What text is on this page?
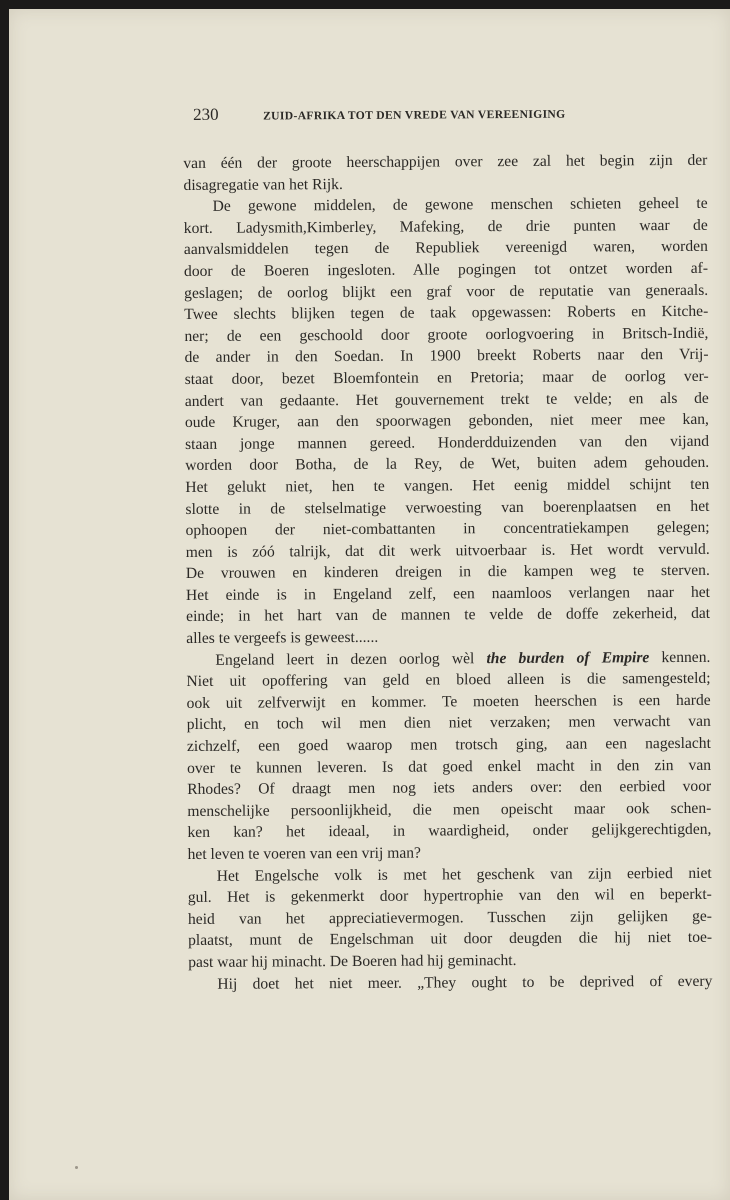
230	ZUID-AFRIKA TOT DEN VREDE VAN VEREENIGING
van één der groote heerschappijen over zee zal het begin zijn der
disagregatie van het Rijk.
De gewone middelen, de gewone menschen schieten geheel te
kort. Ladysmith,Kimberley, Mafeking, de drie punten waar de
aanvalsmiddelen tegen de Republiek vereenigd waren, worden
door de Boeren ingesloten. Alle pogingen tot ontzet worden af-
geslagen; de oorlog blijkt een graf voor de reputatie van generaals.
Twee slechts blijken tegen de taak opgewassen: Roberts en Kitche-
ner; de een geschoold door groote oorlogvoering in Britsch-Indië,
de ander in den Soedan. In 1900 breekt Roberts naar den Vrij-
staat door, bezet Bloemfontein en Pretoria; maar de oorlog ver-
andert van gedaante. Het gouvernement trekt te velde; en als de
oude Kruger, aan den spoorwagen gebonden, niet meer mee kan,
staan jonge mannen gereed. Honderdduizenden van den vijand
worden door Botha, de la Rey, de Wet, buiten adem gehouden.
Het gelukt niet, hen te vangen. Het eenig middel schijnt ten
slotte in de stelselmatige verwoesting van boerenplaatsen en het
ophoopen der niet-combattanten in concentratiekampen gelegen;
men is zóó talrijk, dat dit werk uitvoerbaar is. Het wordt vervuld.
De vrouwen en kinderen dreigen in die kampen weg te sterven.
Het einde is in Engeland zelf, een naamloos verlangen naar het
einde; in het hart van de mannen te velde de doffe zekerheid, dat
alles te vergeefs is geweest......
Engeland leert in dezen oorlog wèl the burden of Empire kennen.
Niet uit opoffering van geld en bloed alleen is die samengesteld;
ook uit zelfverwijt en kommer. Te moeten heerschen is een harde
plicht, en toch wil men dien niet verzaken; men verwacht van
zichzelf, een goed waarop men trotsch ging, aan een nageslacht
over te kunnen leveren. Is dat goed enkel macht in den zin van
Rhodes? Of draagt men nog iets anders over: den eerbied voor
menschelijke persoonlijkheid, die men opeischt maar ook schen-
ken kan? het ideaal, in waardigheid, onder gelijkgerechtigden,
het leven te voeren van een vrij man?
Het Engelsche volk is met het geschenk van zijn eerbied niet
gul. Het is gekenmerkt door hypertrophie van den wil en beperkt-
heid van het appreciatievermogen. Tusschen zijn gelijken ge-
plaatst, munt de Engelschman uit door deugden die hij niet toe-
past waar hij minacht. De Boeren had hij geminacht.
Hij doet het niet meer. „They ought to be deprived of every
